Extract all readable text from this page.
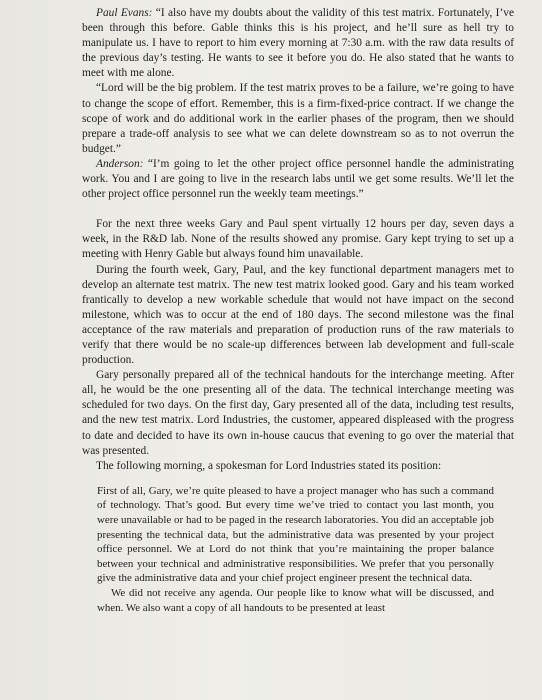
Paul Evans: “I also have my doubts about the validity of this test matrix. Fortunately, I’ve been through this before. Gable thinks this is his project, and he’ll sure as hell try to manipulate us. I have to report to him every morning at 7:30 a.m. with the raw data results of the previous day’s testing. He wants to see it before you do. He also stated that he wants to meet with me alone.

“Lord will be the big problem. If the test matrix proves to be a failure, we’re going to have to change the scope of effort. Remember, this is a firm-fixed-price contract. If we change the scope of work and do additional work in the earlier phases of the program, then we should prepare a trade-off analysis to see what we can delete downstream so as to not overrun the budget.”

Anderson: “I’m going to let the other project office personnel handle the administrating work. You and I are going to live in the research labs until we get some results. We’ll let the other project office personnel run the weekly team meetings.”

For the next three weeks Gary and Paul spent virtually 12 hours per day, seven days a week, in the R&D lab. None of the results showed any promise. Gary kept trying to set up a meeting with Henry Gable but always found him unavailable.

During the fourth week, Gary, Paul, and the key functional department managers met to develop an alternate test matrix. The new test matrix looked good. Gary and his team worked frantically to develop a new workable schedule that would not have impact on the second milestone, which was to occur at the end of 180 days. The second milestone was the final acceptance of the raw materials and preparation of production runs of the raw materials to verify that there would be no scale-up differences between lab development and full-scale production.

Gary personally prepared all of the technical handouts for the interchange meeting. After all, he would be the one presenting all of the data. The technical interchange meeting was scheduled for two days. On the first day, Gary presented all of the data, including test results, and the new test matrix. Lord Industries, the customer, appeared displeased with the progress to date and decided to have its own in-house caucus that evening to go over the material that was presented.

The following morning, a spokesman for Lord Industries stated its position:

First of all, Gary, we’re quite pleased to have a project manager who has such a command of technology. That’s good. But every time we’ve tried to contact you last month, you were unavailable or had to be paged in the research laboratories. You did an acceptable job presenting the technical data, but the administrative data was presented by your project office personnel. We at Lord do not think that you’re maintaining the proper balance between your technical and administrative responsibilities. We prefer that you personally give the administrative data and your chief project engineer present the technical data.

We did not receive any agenda. Our people like to know what will be discussed, and when. We also want a copy of all handouts to be presented at least
